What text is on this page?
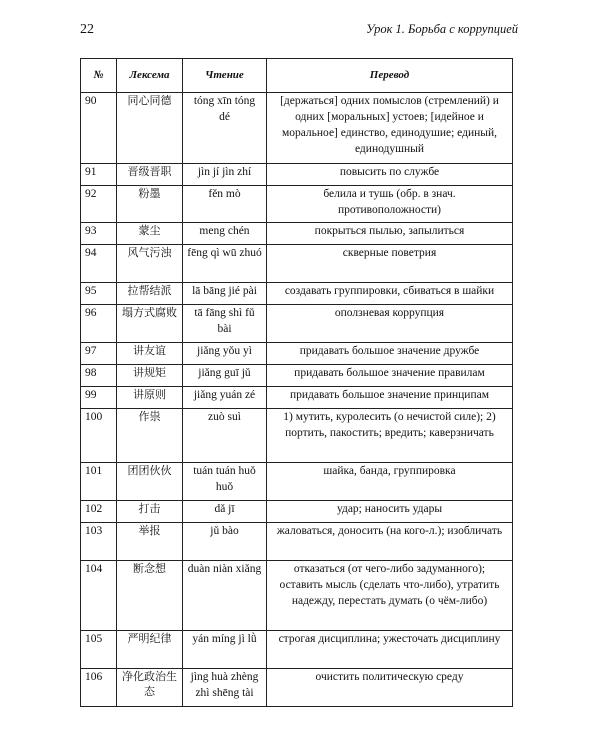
22	Урок 1. Борьба с коррупцией
№	Лексема	Чтение	Перевод
90	同心同德	tóng xīn tóng dé	[держаться] одних помыслов (стремлений) и одних [моральных] устоев; [идейное и моральное] единство, единодушие; единый, единодушный
91	晋级晋职	jìn jí jìn zhí	повысить по службе
92	粉墨	fěn mò	белила и тушь (обр. в знач. противоположности)
93	蒙尘	meng chén	покрыться пылью, запылиться
94	风气污浊	fēng qì wū zhuó	скверные поветрия
95	拉帮结派	lā bāng jié pài	создавать группировки, сбиваться в шайки
96	塌方式腐败	tā fāng shì fǔ bài	оползневая коррупция
97	讲友谊	jiǎng yǒu yì	придавать большое значение дружбе
98	讲规矩	jiǎng guī jǔ	придавать большое значение правилам
99	讲原则	jiǎng yuán zé	придавать большое значение принципам
100	作祟	zuò suì	1) мутить, куролесить (о нечистой силе); 2) портить, пакостить; вредить; каверзничать
101	团团伙伙	tuán tuán huǒ huǒ	шайка, банда, группировка
102	打击	dǎ jī	удар; наносить удары
103	举报	jǔ bào	жаловаться, доносить (на кого-л.); изобличать
104	断念想	duàn niàn xiǎng	отказаться (от чего-либо задуманного); оставить мысль (сделать что-либо), утратить надежду, перестать думать (о чём-либо)
105	严明纪律	yán míng jì lǜ	строгая дисциплина; ужесточать дисциплину
106	净化政治生态	jìng huà zhèng zhì shēng tài	очистить политическую среду
